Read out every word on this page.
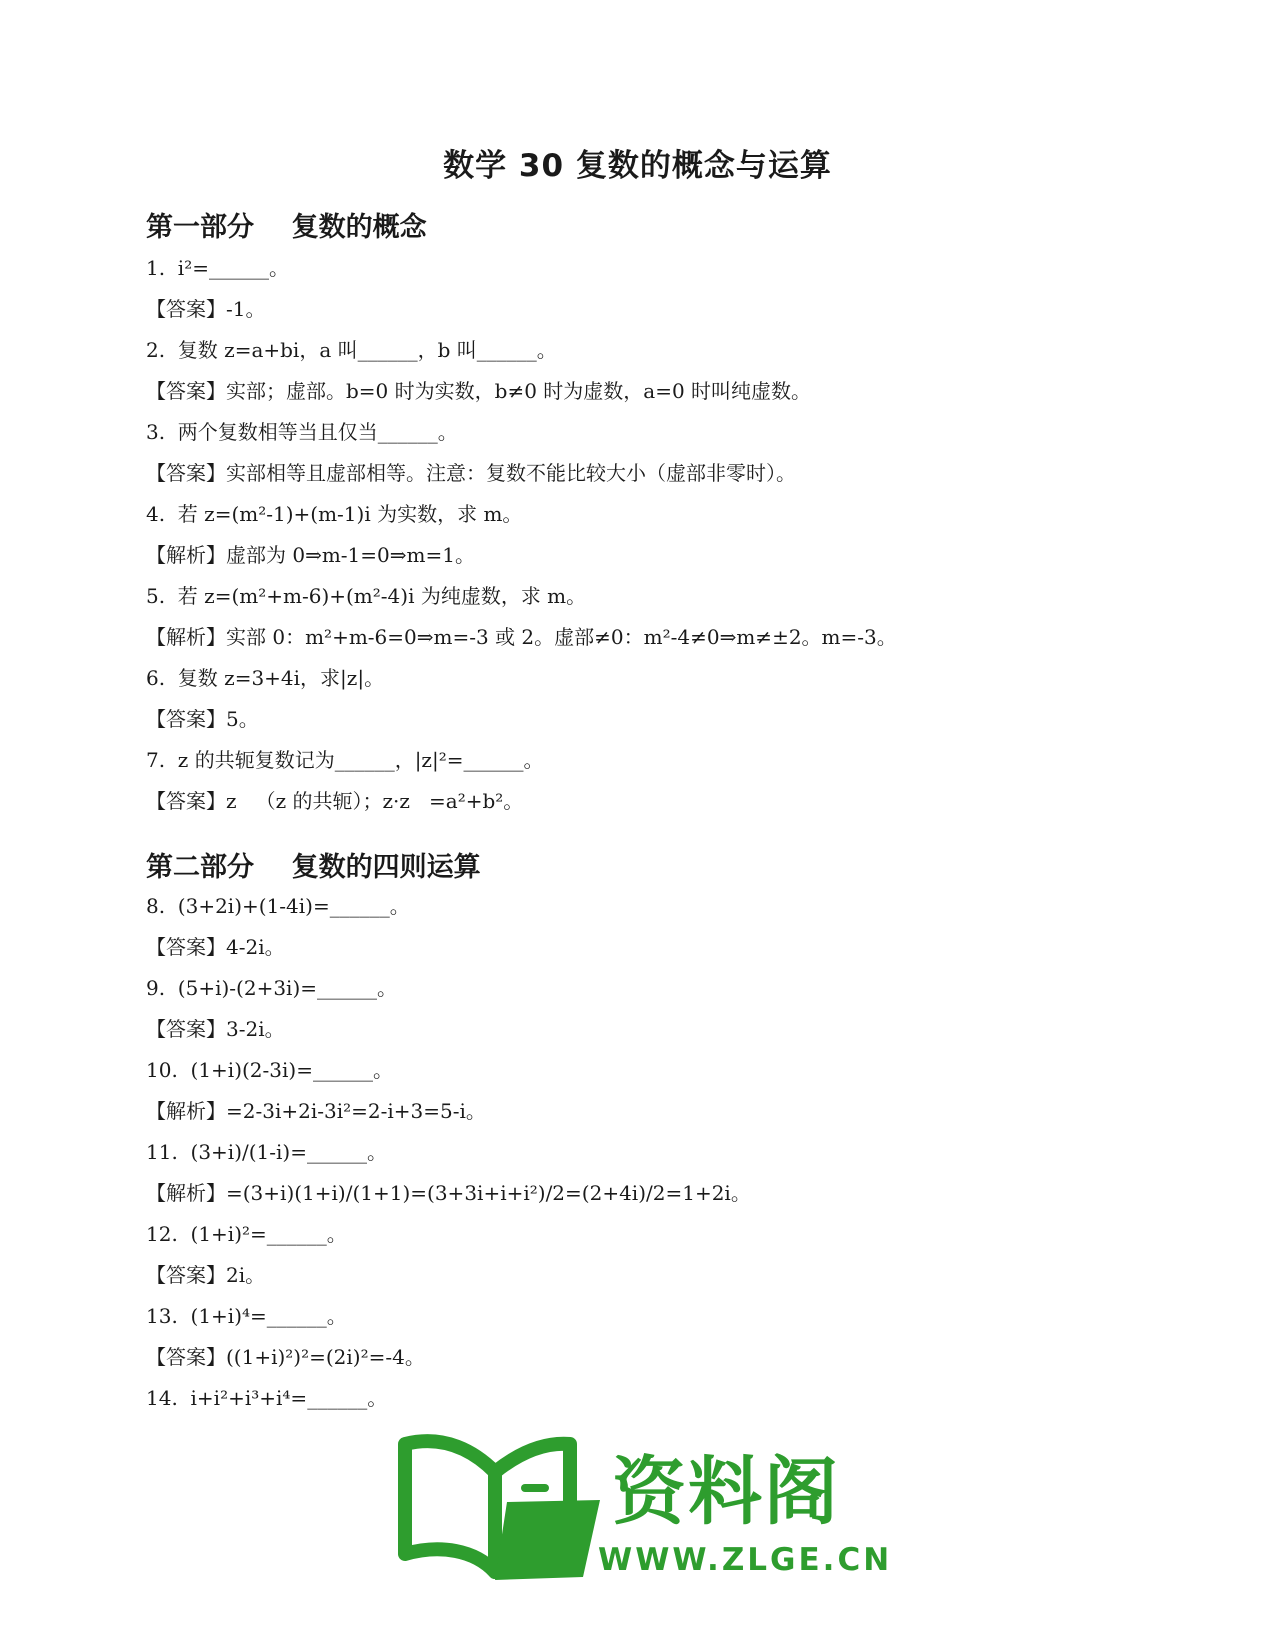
数学 30 复数的概念与运算
第一部分    复数的概念
1.  i²=______。
【答案】-1。
2.  复数 z=a+bi，a 叫______，b 叫______。
【答案】实部；虚部。b=0 时为实数，b≠0 时为虚数，a=0 时叫纯虚数。
3.  两个复数相等当且仅当______。
【答案】实部相等且虚部相等。注意：复数不能比较大小（虚部非零时）。
4.  若 z=(m²-1)+(m-1)i 为实数，求 m。
【解析】虚部为 0⇒m-1=0⇒m=1。
5.  若 z=(m²+m-6)+(m²-4)i 为纯虚数，求 m。
【解析】实部 0：m²+m-6=0⇒m=-3 或 2。虚部≠0：m²-4≠0⇒m≠±2。m=-3。
6.  复数 z=3+4i，求|z|。
【答案】5。
7.  z 的共轭复数记为______，|z|²=______。
【答案】z   （z 的共轭）；z·z   =a²+b²。
第二部分    复数的四则运算
8.  (3+2i)+(1-4i)=______。
【答案】4-2i。
9.  (5+i)-(2+3i)=______。
【答案】3-2i。
10.  (1+i)(2-3i)=______。
【解析】=2-3i+2i-3i²=2-i+3=5-i。
11.  (3+i)/(1-i)=______。
【解析】=(3+i)(1+i)/(1+1)=(3+3i+i+i²)/2=(2+4i)/2=1+2i。
12.  (1+i)²=______。
【答案】2i。
13.  (1+i)⁴=______。
【答案】((1+i)²)²=(2i)²=-4。
14.  i+i²+i³+i⁴=______。
资料阁
WWW.ZLGE.CN
